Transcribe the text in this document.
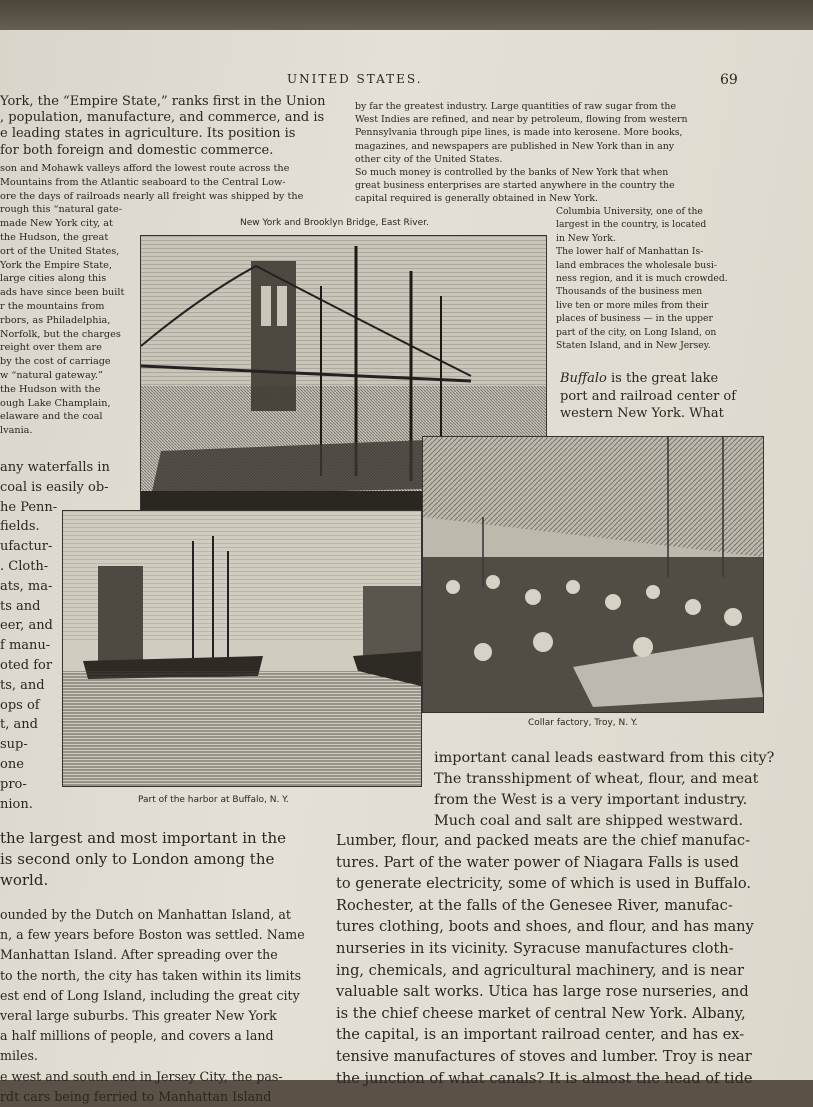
UNITED STATES.	69
York, the “Empire State,” ranks first in the Union
, population, manufacture, and commerce, and is
e leading states in agriculture. Its position is
for both foreign and domestic commerce.
son and Mohawk valleys afford the lowest route across the
Mountains from the Atlantic seaboard to the Central Low-
ore the days of railroads nearly all freight was shipped by the
rough this “natural gate-
made New York city, at
the Hudson, the great
ort of the United States,
York the Empire State,
large cities along this
ads have since been built
r the mountains from
rbors, as Philadelphia,
Norfolk, but the charges
reight over them are
by the cost of carriage
w “natural gateway.”
the Hudson with the
ough Lake Champlain,
elaware and the coal
lvania.
any waterfalls in
coal is easily ob-
he Penn-
fields.
ufactur-
. Cloth-
ats, ma-
ts and
eer, and
f manu-
oted for
ts, and
ops of
t, and
sup-
one
pro-
nion.
the largest and most important in the
is second only to London among the
world.
ounded by the Dutch on Manhattan Island, at
n, a few years before Boston was settled. Name
Manhattan Island. After spreading over the
to the north, the city has taken within its limits
est end of Long Island, including the great city
veral large suburbs. This greater New York
a half millions of people, and covers a land
miles.
e west and south end in Jersey City, the pas-
rdt cars being ferried to Manhattan Island
by far the greatest industry. Large quantities of raw sugar from the
West Indies are refined, and near by petroleum, flowing from western
Pennsylvania through pipe lines, is made into kerosene. More books,
magazines, and newspapers are published in New York than in any
other city of the United States.
So much money is controlled by the banks of New York that when
great business enterprises are started anywhere in the country the
capital required is generally obtained in New York.
Columbia University, one of the
largest in the country, is located
in New York.
The lower half of Manhattan Is-
land embraces the wholesale busi-
ness region, and it is much crowded.
Thousands of the business men
live ten or more miles from their
places of business — in the upper
part of the city, on Long Island, on
Staten Island, and in New Jersey.
Buffalo is the great lake
port and railroad center of
western New York. What
important canal leads eastward from this city?
The transshipment of wheat, flour, and meat
from the West is a very important industry.
Much coal and salt are shipped westward.
Lumber, flour, and packed meats are the chief manufac-
tures. Part of the water power of Niagara Falls is used
to generate electricity, some of which is used in Buffalo.
Rochester, at the falls of the Genesee River, manufac-
tures clothing, boots and shoes, and flour, and has many
nurseries in its vicinity. Syracuse manufactures cloth-
ing, chemicals, and agricultural machinery, and is near
valuable salt works. Utica has large rose nurseries, and
is the chief cheese market of central New York. Albany,
the capital, is an important railroad center, and has ex-
tensive manufactures of stoves and lumber. Troy is near
the junction of what canals? It is almost the head of tide
New York and Brooklyn Bridge, East River.
Collar factory, Troy, N. Y.
Part of the harbor at Buffalo, N. Y.
